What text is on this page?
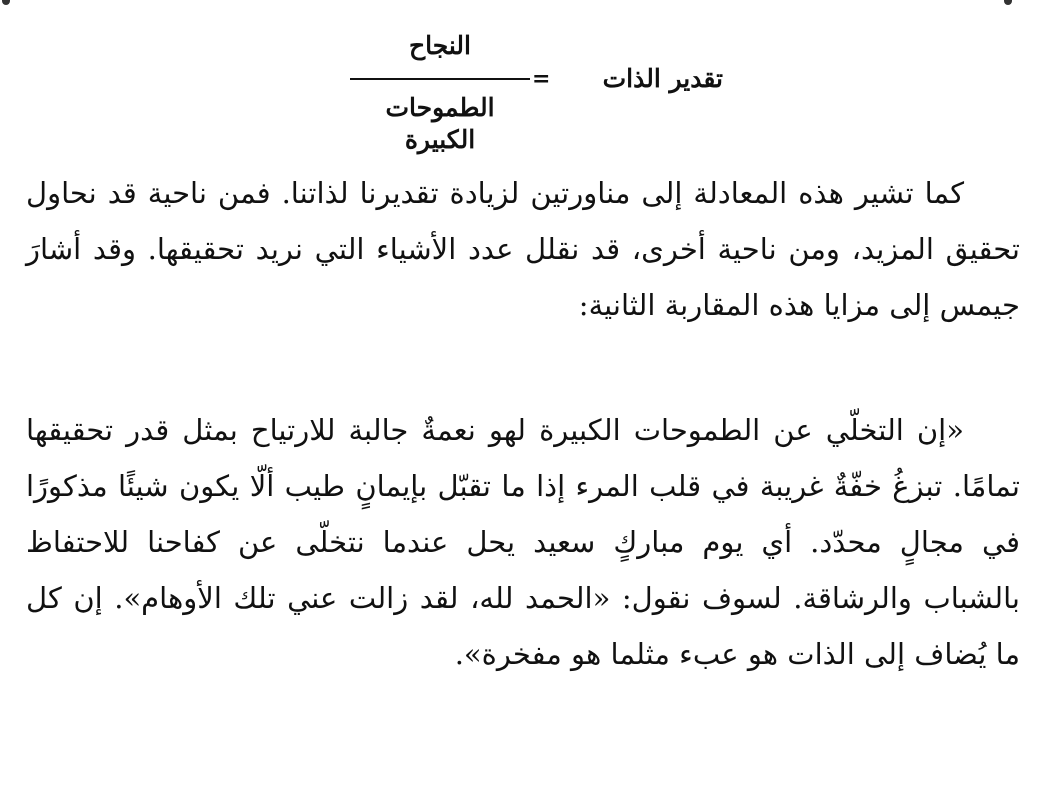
النجاح
الطموحات الكبيرة
=	تقدير الذات

كما تشير هذه المعادلة إلى مناورتين لزيادة تقديرنا لذاتنا. فمن ناحية قد نحاول تحقيق المزيد، ومن ناحية أخرى، قد نقلل عدد الأشياء التي نريد تحقيقها. وقد أشارَ جيمس إلى مزايا هذه المقاربة الثانية:

«إن التخلّي عن الطموحات الكبيرة لهو نعمةٌ جالبة للارتياح بمثل قدر تحقيقها تمامًا. تبزغُ خفّةٌ غريبة في قلب المرء إذا ما تقبّل بإيمانٍ طيب ألّا يكون شيئًا مذكورًا في مجالٍ محدّد. أي يوم مباركٍ سعيد يحل عندما نتخلّى عن كفاحنا للاحتفاظ بالشباب والرشاقة. لسوف نقول: «الحمد لله، لقد زالت عني تلك الأوهام». إن كل ما يُضاف إلى الذات هو عبء مثلما هو مفخرة».
